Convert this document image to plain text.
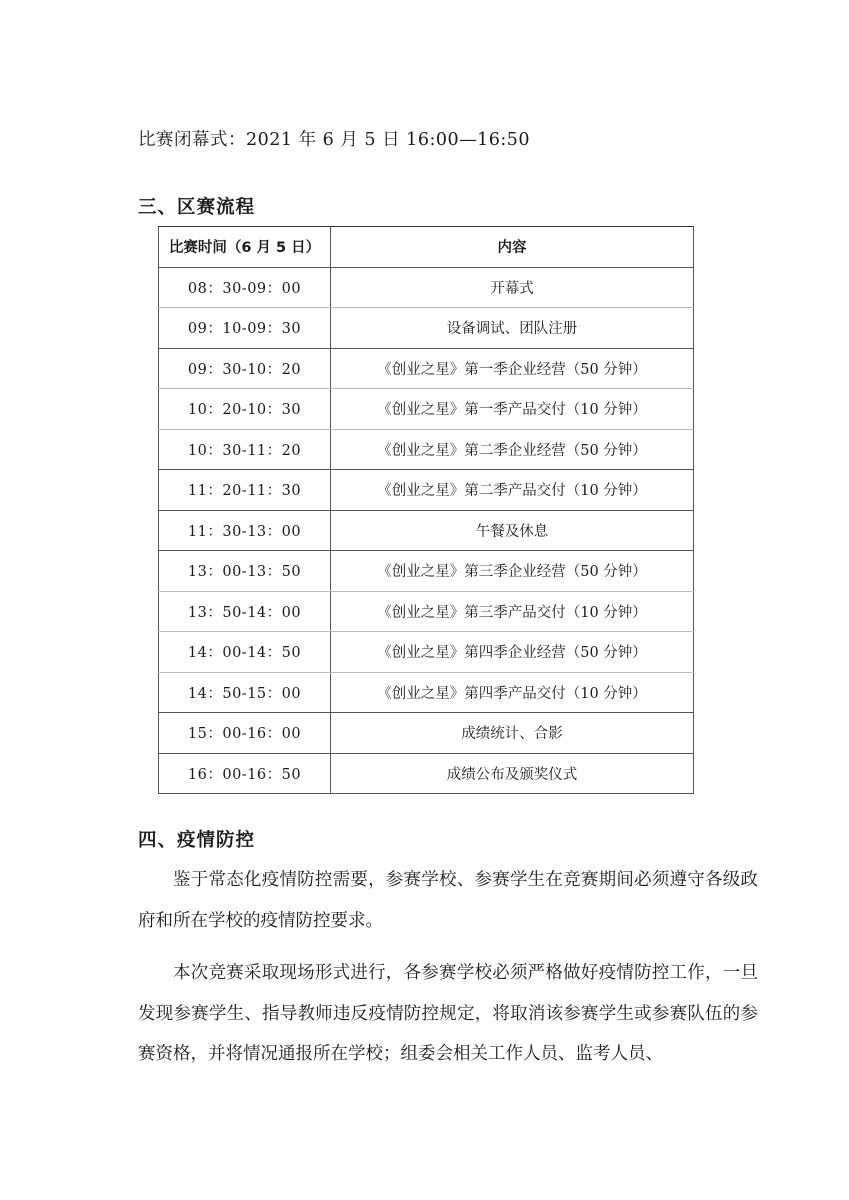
比赛闭幕式：2021 年 6 月 5 日 16:00—16:50
三、区赛流程
比赛时间（6 月 5 日）	内容
08：30-09：00	开幕式
09：10-09：30	设备调试、团队注册
09：30-10：20	《创业之星》第一季企业经营（50 分钟）
10：20-10：30	《创业之星》第一季产品交付（10 分钟）
10：30-11：20	《创业之星》第二季企业经营（50 分钟）
11：20-11：30	《创业之星》第二季产品交付（10 分钟）
11：30-13：00	午餐及休息
13：00-13：50	《创业之星》第三季企业经营（50 分钟）
13：50-14：00	《创业之星》第三季产品交付（10 分钟）
14：00-14：50	《创业之星》第四季企业经营（50 分钟）
14：50-15：00	《创业之星》第四季产品交付（10 分钟）
15：00-16：00	成绩统计、合影
16：00-16：50	成绩公布及颁奖仪式
四、疫情防控

鉴于常态化疫情防控需要，参赛学校、参赛学生在竞赛期间必须遵守各级政府和所在学校的疫情防控要求。

本次竞赛采取现场形式进行，各参赛学校必须严格做好疫情防控工作，一旦发现参赛学生、指导教师违反疫情防控规定，将取消该参赛学生或参赛队伍的参赛资格，并将情况通报所在学校；组委会相关工作人员、监考人员、
